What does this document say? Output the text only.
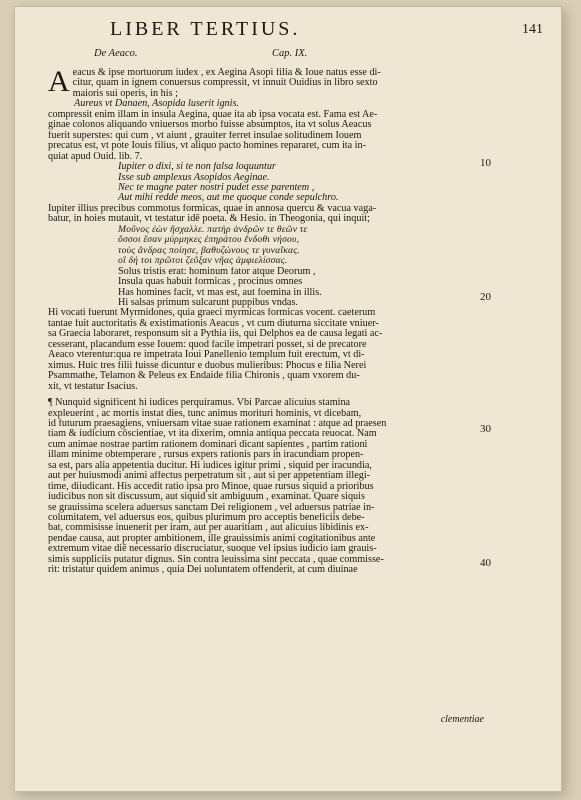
LIBER TERTIUS.	141
De Aeaco.	Cap. IX.
A eacus & ipse mortuorum iudex , ex Aegina Asopi filia & Ioue natus esse di-
citur, quam in ignem conuersus compressit, vt innuit Ouidius in libro sexto
maioris sui operis, in his ;
Aureus vt Danaen, Asopida luserit ignis.
compressit enim illam in insula Aegina, quae ita ab ipsa vocata est. Fama est Ae-
ginae colonos aliquando vniuersos morbo fuisse absumptos, ita vt solus Aeacus
fuerit superstes: qui cum , vt aiunt , grauiter ferret insulae solitudinem Iouem
precatus est, vt pote Iouis filius, vt aliquo pacto homines repararet, cum ita in-
quiat apud Ouid. lib. 7.
Iupiter o dixi, si te non falsa loquuntur
Isse sub amplexus Asopidos Aeginae.
Nec te magne pater nostri pudet esse parentem ,
Aut mihi redde meos, aut me quoque conde sepulchro.
Iupiter illius precibus commotus formicas, quae in annosa quercu & vacua vaga-
batur, in hoies mutauit, vt testatur idē poeta. & Hesio. in Theogonia, qui inquit;
Μοῦνος ἐὼν ἤσχαλλε. πατὴρ ἀνδρῶν τε θεῶν τε
ὅσσοι ἔσαν μύρμηκες ἐπηράτου ἔνδοθι νήσου,
τοὺς ἄνδρας ποίησε, βαθυζώνους τε γυναῖκας.
οἳ δή τοι πρῶτοι ζεῦξαν νῆας ἀμφιελίσσας.
Solus tristis erat: hominum fator atque Deorum ,
Insula quas habuit formicas , procinus omnes
Has homines facit, vt mas est, aut foemina in illis.
Hi salsas primum sulcarunt puppibus vndas.
Hi vocati fuerunt Myrmidones, quia graeci myrmicas formicas vocent. caeterum
tantae fuit auctoritatis & existimationis Aeacus , vt cum diuturna siccitate vniuer-
sa Graecia laboraret, responsum sit a Pythia iis, qui Delphos ea de causa legati ac-
cesserant, placandum esse Iouem: quod facile impetrari posset, si de precatore
Aeaco vterentur:qua re impetrata Ioui Panellenio templum fuit erectum, vt di-
ximus. Huic tres filii fuisse dicuntur e duobus mulieribus: Phocus e filia Nerei
Psammathe, Telamon & Peleus ex Endaide filia Chironis , quam vxorem du-
xit, vt testatur Isacius.
¶ Nunquid significent hi iudices perquiramus. Vbi Parcae alicuius stamina
expleuerint , ac mortis instat dies, tunc animus morituri hominis, vt dicebam,
id futurum praesagiens, vniuersam vitae suae rationem examinat : atque ad praesen
tiam & iudicium cōscientiae, vt ita dixerim, omnia antiqua peccata reuocat. Nam
cum animae nostrae partim rationem dominari dicant sapientes , partim rationi
illam minime obtemperare , rursus expers rationis pars in iracundiam propen-
sa est, pars alia appetentia ducitur. Hi iudices igitur primi , siquid per iracundia,
aut per huiusmodi animi affectus perpetratum sit , aut si per appetentiam illegi-
time, diiudicant. His accedit ratio ipsa pro Minoe, quae rursus siquid a prioribus
iudicibus non sit discussum, aut siquid sit ambiguum , examinat. Quare siquis
se grauissima scelera aduersus sanctam Dei religionem , vel aduersus patriae in-
columitatem, vel aduersus eos, quibus plurimum pro acceptis beneficiis debe-
bat, commisisse inuenerit per iram, aut per auaritiam , aut alicuius libidinis ex-
pendae causa, aut propter ambitionem, ille grauissimis animi cogitationibus ante
extremum vitae diē necessario discruciatur, suoque vel ipsius iudicio iam grauis-
simis suppliciis putatur dignus. Sin contra leuissima sint peccata , quae commisse-
rit: tristatur quidem animus , quia Dei uoluntatem offenderit, at cum diuinae
10
20
30
40
clementiae
